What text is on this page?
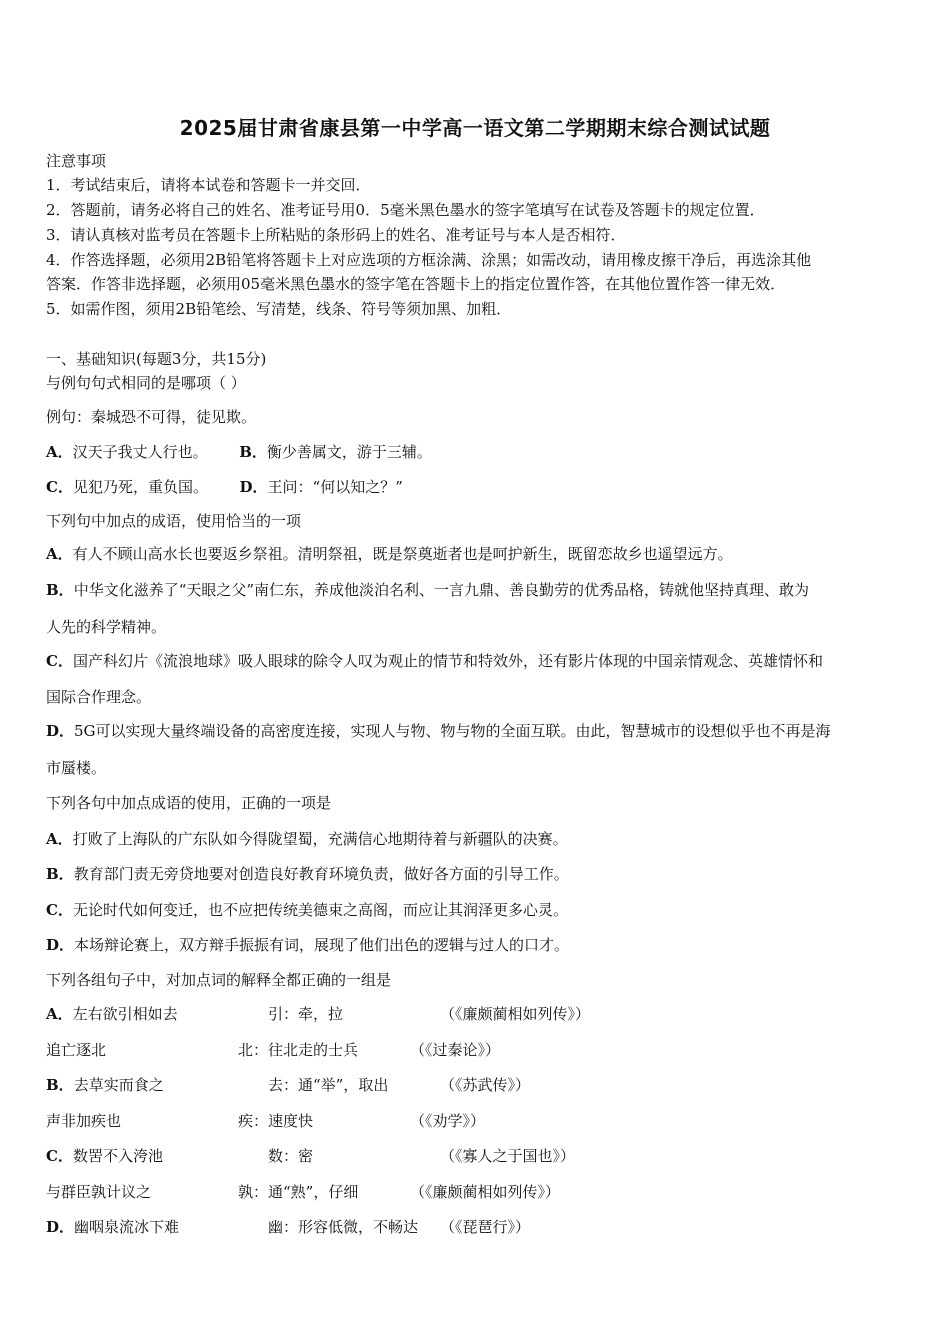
2025届甘肃省康县第一中学高一语文第二学期期末综合测试试题
注意事项
1．考试结束后，请将本试卷和答题卡一并交回．
2．答题前，请务必将自己的姓名、准考证号用0．5毫米黑色墨水的签字笔填写在试卷及答题卡的规定位置．
3．请认真核对监考员在答题卡上所粘贴的条形码上的姓名、准考证号与本人是否相符．
4．作答选择题，必须用2B铅笔将答题卡上对应选项的方框涂满、涂黑；如需改动，请用橡皮擦干净后，再选涂其他
答案．作答非选择题，必须用05毫米黑色墨水的签字笔在答题卡上的指定位置作答，在其他位置作答一律无效．
5．如需作图，须用2B铅笔绘、写清楚，线条、符号等须加黑、加粗．
一、基础知识(每题3分，共15分)
与例句句式相同的是哪项（ ）
例句：秦城恐不可得，徒见欺。
A．汉天子我丈人行也。 B．衡少善属文，游于三辅。
C．见犯乃死，重负国。 D．王问：“何以知之？”
下列句中加点的成语，使用恰当的一项
A．有人不顾山高水长也要返乡祭祖。清明祭祖，既是祭奠逝者也是呵护新生，既留恋故乡也遥望远方。
B．中华文化滋养了“天眼之父”南仁东，养成他淡泊名利、一言九鼎、善良勤劳的优秀品格，铸就他坚持真理、敢为
人先的科学精神。
C．国产科幻片《流浪地球》吸人眼球的除令人叹为观止的情节和特效外，还有影片体现的中国亲情观念、英雄情怀和
国际合作理念。
D．5G可以实现大量终端设备的高密度连接，实现人与物、物与物的全面互联。由此，智慧城市的设想似乎也不再是海
市蜃楼。
下列各句中加点成语的使用，正确的一项是
A．打败了上海队的广东队如今得陇望蜀，充满信心地期待着与新疆队的决赛。
B．教育部门责无旁贷地要对创造良好教育环境负责，做好各方面的引导工作。
C．无论时代如何变迁，也不应把传统美德束之高阁，而应让其润泽更多心灵。
D．本场辩论赛上，双方辩手振振有词，展现了他们出色的逻辑与过人的口才。
下列各组句子中，对加点词的解释全都正确的一组是
A．左右欲引相如去	引：牵，拉	（《廉颇蔺相如列传》）
追亡逐北	北：往北走的士兵	（《过秦论》）
B．去草实而食之	去：通“举”，取出	（《苏武传》）
声非加疾也	疾：速度快	（《劝学》）
C．数罟不入洿池	数：密	（《寡人之于国也》）
与群臣孰计议之	孰：通“熟”，仔细	（《廉颇蔺相如列传》）
D．幽咽泉流冰下难	幽：形容低微，不畅达 （《琵琶行》）
